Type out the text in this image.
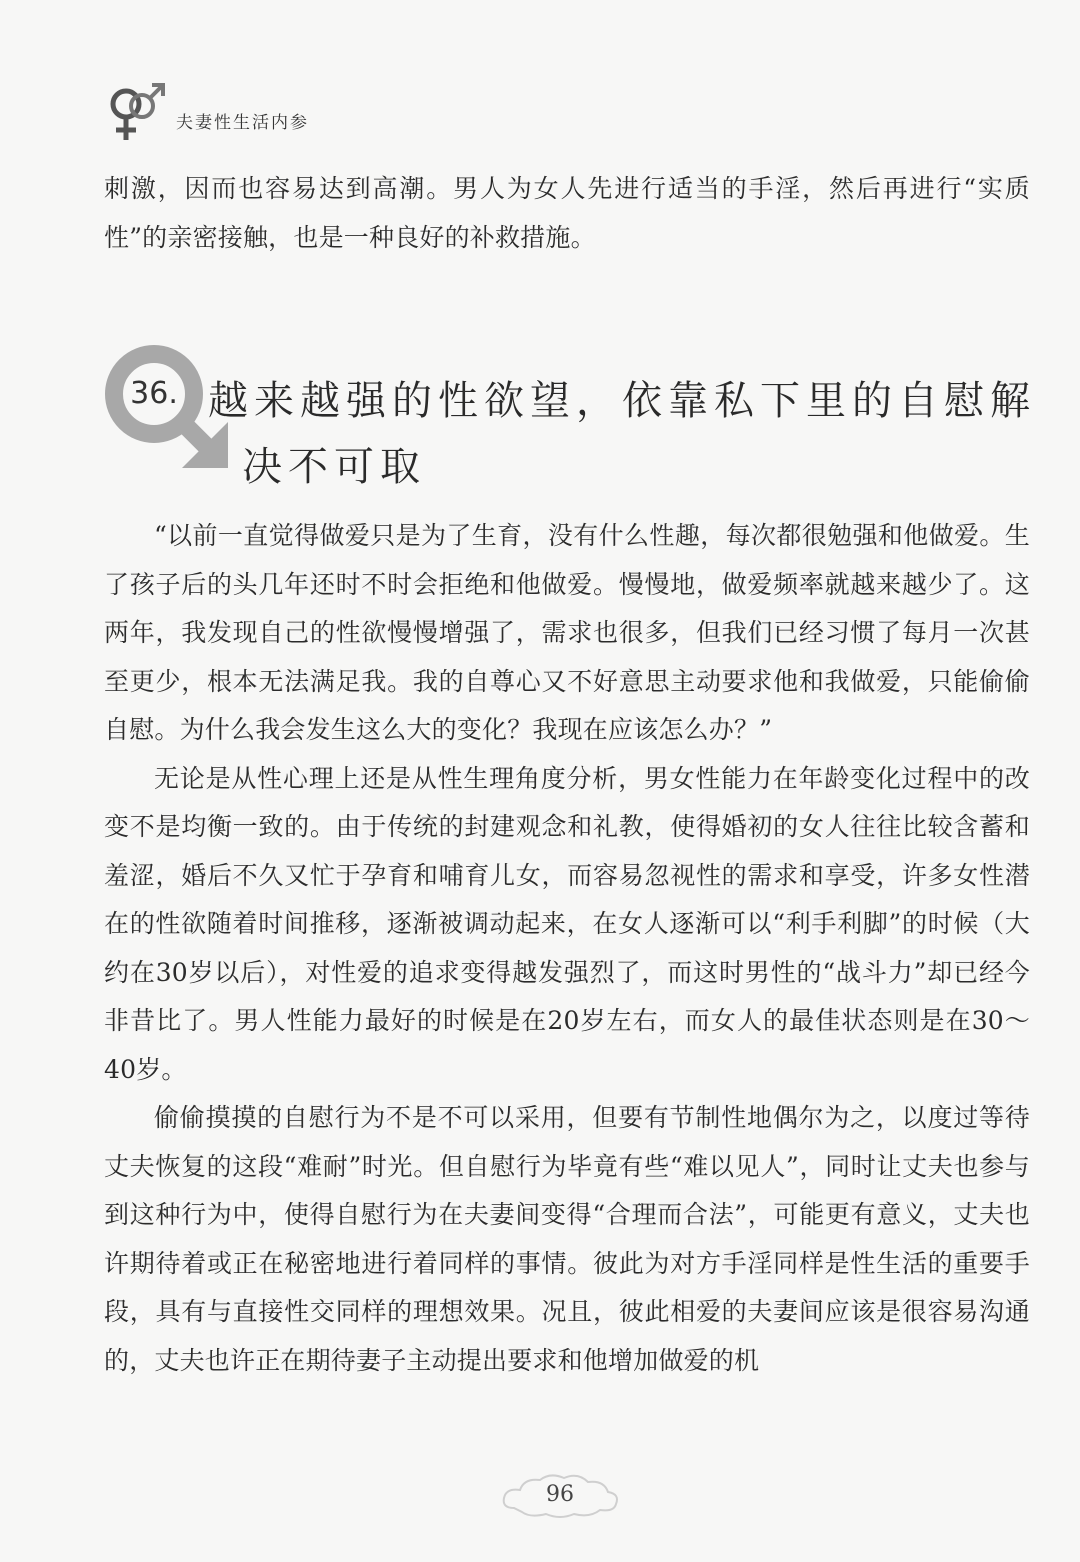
夫妻性生活内参

刺激，因而也容易达到高潮。男人为女人先进行适当的手淫，然后再进行“实质性”的亲密接触，也是一种良好的补救措施。

36. 越来越强的性欲望，依靠私下里的自慰解
决不可取

“以前一直觉得做爱只是为了生育，没有什么性趣，每次都很勉强和他做爱。生了孩子后的头几年还时不时会拒绝和他做爱。慢慢地，做爱频率就越来越少了。这两年，我发现自己的性欲慢慢增强了，需求也很多，但我们已经习惯了每月一次甚至更少，根本无法满足我。我的自尊心又不好意思主动要求他和我做爱，只能偷偷自慰。为什么我会发生这么大的变化？我现在应该怎么办？”

无论是从性心理上还是从性生理角度分析，男女性能力在年龄变化过程中的改变不是均衡一致的。由于传统的封建观念和礼教，使得婚初的女人往往比较含蓄和羞涩，婚后不久又忙于孕育和哺育儿女，而容易忽视性的需求和享受，许多女性潜在的性欲随着时间推移，逐渐被调动起来，在女人逐渐可以“利手利脚”的时候（大约在30岁以后），对性爱的追求变得越发强烈了，而这时男性的“战斗力”却已经今非昔比了。男人性能力最好的时候是在20岁左右，而女人的最佳状态则是在30～40岁。

偷偷摸摸的自慰行为不是不可以采用，但要有节制性地偶尔为之，以度过等待丈夫恢复的这段“难耐”时光。但自慰行为毕竟有些“难以见人”，同时让丈夫也参与到这种行为中，使得自慰行为在夫妻间变得“合理而合法”，可能更有意义，丈夫也许期待着或正在秘密地进行着同样的事情。彼此为对方手淫同样是性生活的重要手段，具有与直接性交同样的理想效果。况且，彼此相爱的夫妻间应该是很容易沟通的，丈夫也许正在期待妻子主动提出要求和他增加做爱的机

96
